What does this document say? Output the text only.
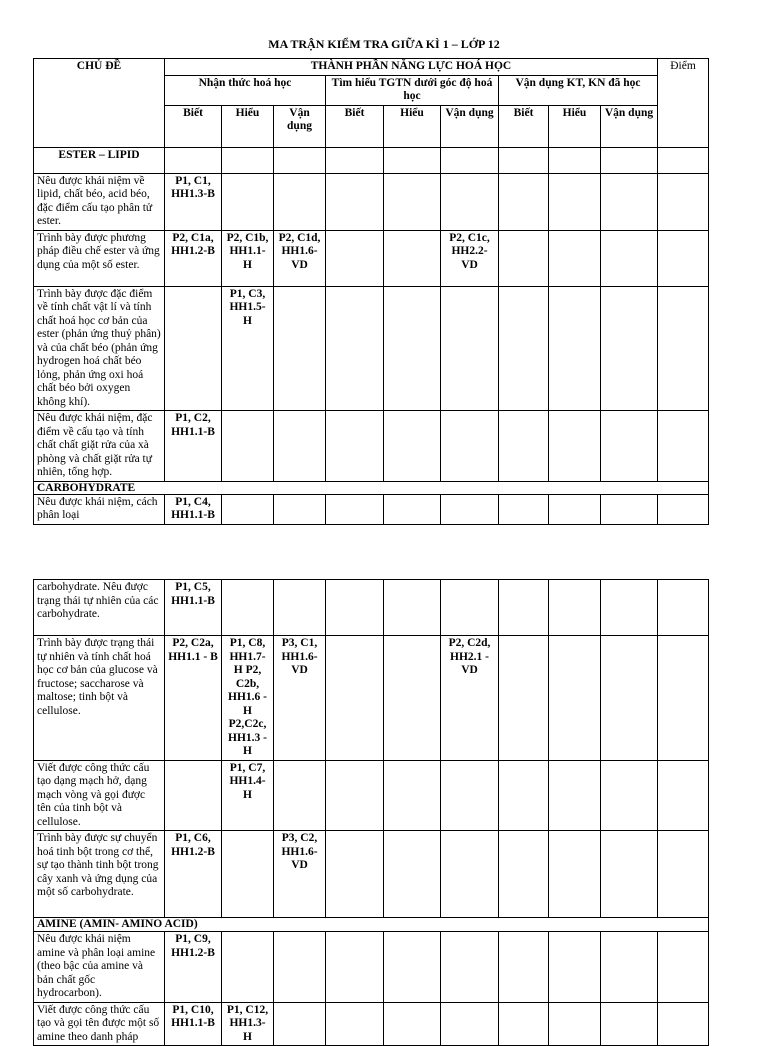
MA TRẬN KIỂM TRA GIỮA KÌ 1 – LỚP 12
CHỦ ĐỀ	THÀNH PHẦN NĂNG LỰC HOÁ HỌC									Điểm
	Nhận thức hoá học			Tìm hiểu TGTN dưới góc độ hoá học			Vận dụng KT, KN đã học			
	Biết	Hiểu	Vận dụng	Biết	Hiểu	Vận dụng	Biết	Hiểu	Vận dụng	
ESTER – LIPID										
Nêu được khái niệm về lipid, chất béo, acid béo, đặc điểm cấu tạo phân tử ester.	P1, C1, HH1.3-B									
Trình bày được phương pháp điều chế ester và ứng dụng của một số ester.	P2, C1a, HH1.2-B	P2, C1b, HH1.1-H	P2, C1d, HH1.6-VD			P2, C1c, HH2.2-VD				
Trình bày được đặc điểm về tính chất vật lí và tính chất hoá học cơ bản của ester (phản ứng thuỷ phân) và của chất béo (phản ứng hydrogen hoá chất béo lỏng, phản ứng oxi hoá chất béo bởi oxygen không khí).		P1, C3, HH1.5-H								
Nêu được khái niệm, đặc điểm về cấu tạo và tính chất chất giặt rửa của xà phòng và chất giặt rửa tự nhiên, tổng hợp.	P1, C2, HH1.1-B									
CARBOHYDRATE										
Nêu được khái niệm, cách phân loại	P1, C4, HH1.1-B									
carbohydrate. Nêu được trạng thái tự nhiên của các carbohydrate.	P1, C5, HH1.1-B									
Trình bày được trạng thái tự nhiên và tính chất hoá học cơ bản của glucose và fructose; saccharose và maltose; tinh bột và cellulose.	P2, C2a, HH1.1 - B	P1, C8, HH1.7-H P2, C2b, HH1.6 - H P2,C2c, HH1.3 - H	P3, C1, HH1.6-VD			P2, C2d, HH2.1 - VD				
Viết được công thức cấu tạo dạng mạch hở, dạng mạch vòng và gọi được tên của tinh bột và cellulose.		P1, C7, HH1.4-H								
Trình bày được sự chuyển hoá tinh bột trong cơ thể, sự tạo thành tinh bột trong cây xanh và ứng dụng của một số carbohydrate.	P1, C6, HH1.2-B		P3, C2, HH1.6-VD							
AMINE (AMIN- AMINO ACID)										
Nêu được khái niệm amine và phân loại amine (theo bậc của amine và bản chất gốc hydrocarbon).	P1, C9, HH1.2-B									
Viết được công thức cấu tạo và gọi tên được một số amine theo danh pháp	P1, C10, HH1.1-B	P1, C12, HH1.3-H								
